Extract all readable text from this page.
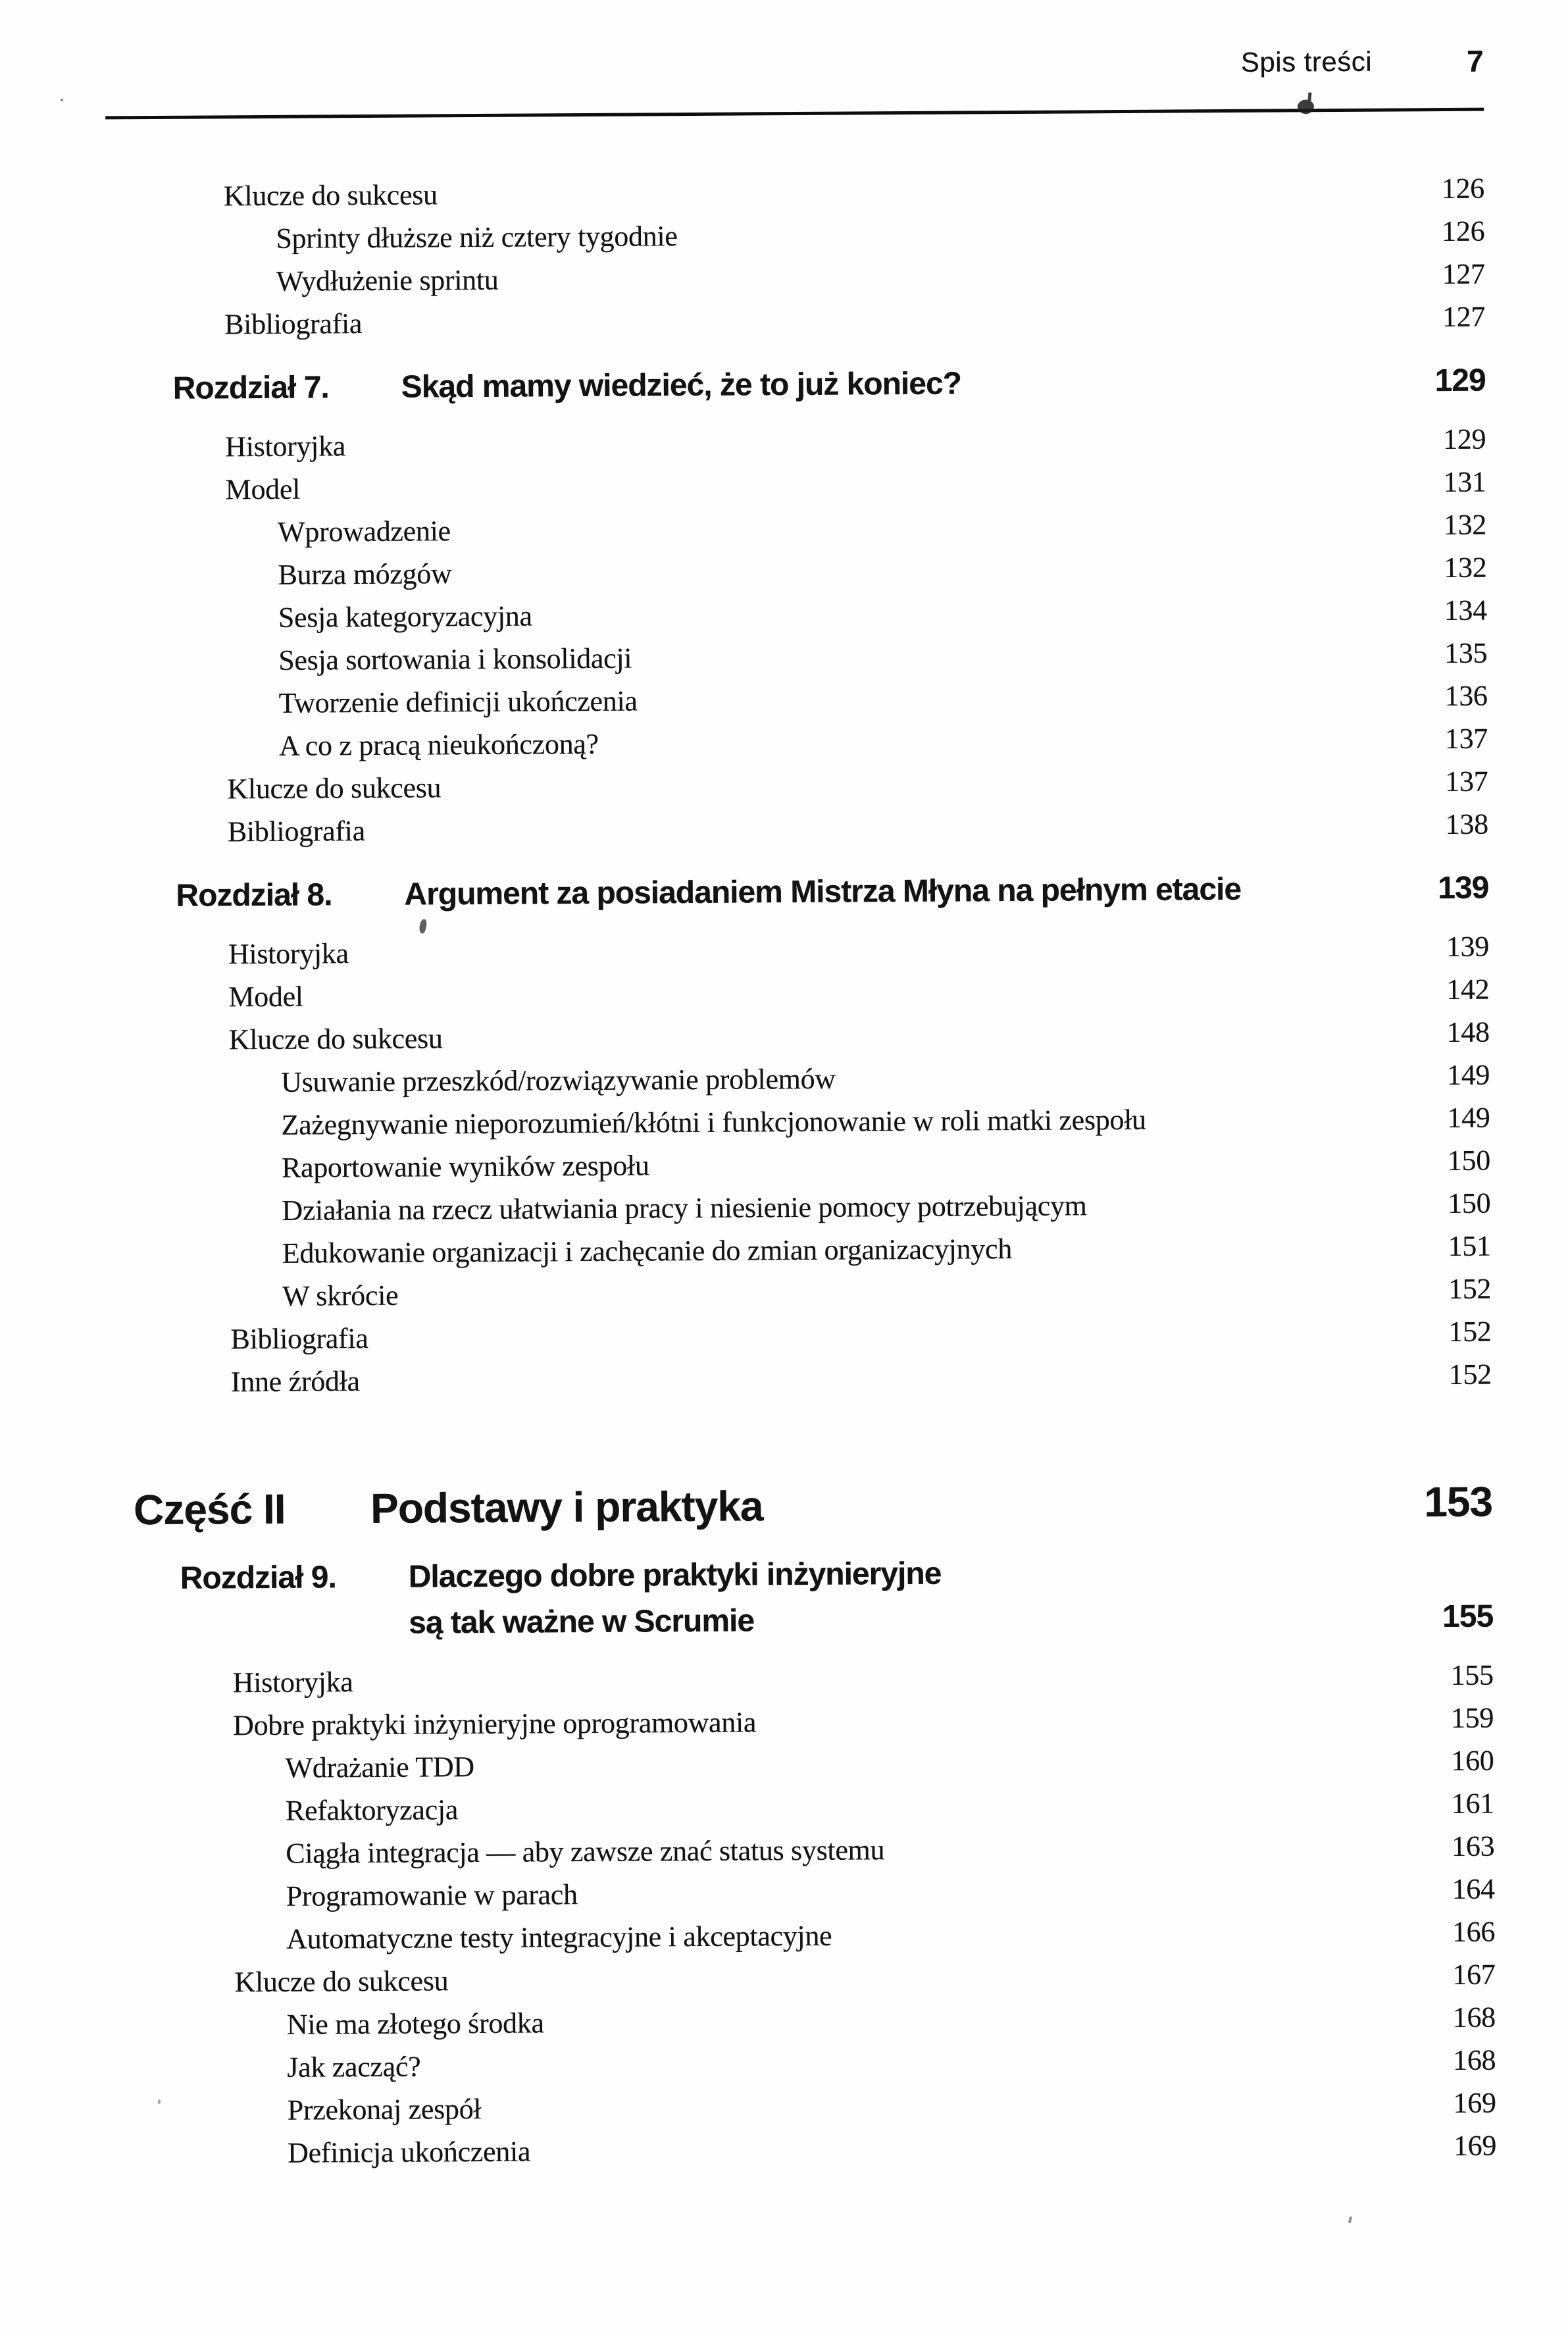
Spis treści	7
Klucze do sukcesu	126
Sprinty dłuższe niż cztery tygodnie	126
Wydłużenie sprintu	127
Bibliografia	127
Rozdział 7.	Skąd mamy wiedzieć, że to już koniec?	129
Historyjka	129
Model	131
Wprowadzenie	132
Burza mózgów	132
Sesja kategoryzacyjna	134
Sesja sortowania i konsolidacji	135
Tworzenie definicji ukończenia	136
A co z pracą nieukończoną?	137
Klucze do sukcesu	137
Bibliografia	138
Rozdział 8.	Argument za posiadaniem Mistrza Młyna na pełnym etacie	139
Historyjka	139
Model	142
Klucze do sukcesu	148
Usuwanie przeszkód/rozwiązywanie problemów	149
Zażegnywanie nieporozumień/kłótni i funkcjonowanie w roli matki zespołu	149
Raportowanie wyników zespołu	150
Działania na rzecz ułatwiania pracy i niesienie pomocy potrzebującym	150
Edukowanie organizacji i zachęcanie do zmian organizacyjnych	151
W skrócie	152
Bibliografia	152
Inne źródła	152
Część II	Podstawy i praktyka	153
Rozdział 9.	Dlaczego dobre praktyki inżynieryjne
są tak ważne w Scrumie	155
Historyjka	155
Dobre praktyki inżynieryjne oprogramowania	159
Wdrażanie TDD	160
Refaktoryzacja	161
Ciągła integracja — aby zawsze znać status systemu	163
Programowanie w parach	164
Automatyczne testy integracyjne i akceptacyjne	166
Klucze do sukcesu	167
Nie ma złotego środka	168
Jak zacząć?	168
Przekonaj zespół	169
Definicja ukończenia	169
